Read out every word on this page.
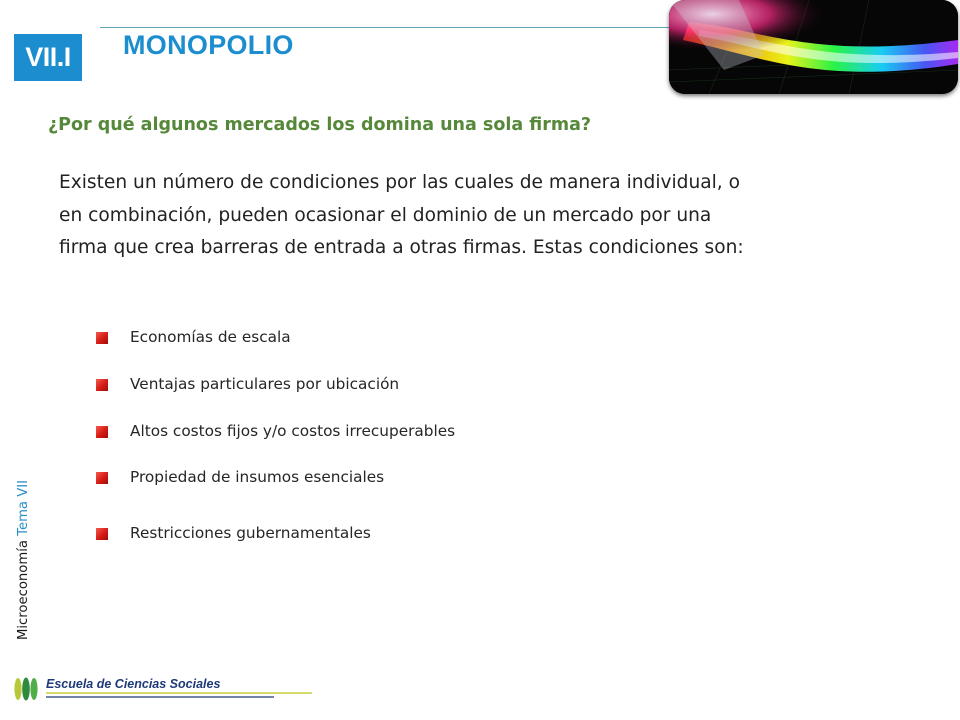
VII.I	MONOPOLIO
¿Por qué algunos mercados los domina una sola firma?
Existen un número de condiciones por las cuales de manera individual, o
en combinación, pueden ocasionar el dominio de un mercado por una
firma que crea barreras de entrada a otras firmas. Estas condiciones son:
Economías de escala
Ventajas particulares por ubicación
Altos costos fijos y/o costos irrecuperables
Propiedad de insumos esenciales
Restricciones gubernamentales
Microeconomía Tema VII
Escuela de Ciencias Sociales
